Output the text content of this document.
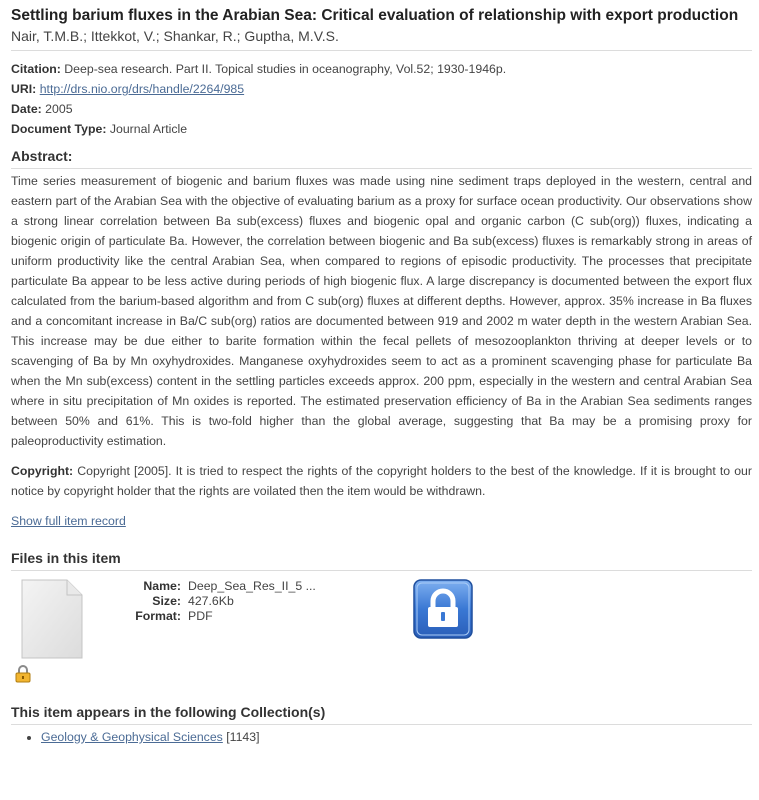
Settling barium fluxes in the Arabian Sea: Critical evaluation of relationship with export production
Nair, T.M.B.; Ittekkot, V.; Shankar, R.; Guptha, M.V.S.
Citation: Deep-sea research. Part II. Topical studies in oceanography, Vol.52; 1930-1946p.
URI: http://drs.nio.org/drs/handle/2264/985
Date: 2005
Document Type: Journal Article
Abstract:
Time series measurement of biogenic and barium fluxes was made using nine sediment traps deployed in the western, central and eastern part of the Arabian Sea with the objective of evaluating barium as a proxy for surface ocean productivity. Our observations show a strong linear correlation between Ba sub(excess) fluxes and biogenic opal and organic carbon (C sub(org)) fluxes, indicating a biogenic origin of particulate Ba. However, the correlation between biogenic and Ba sub(excess) fluxes is remarkably strong in areas of uniform productivity like the central Arabian Sea, when compared to regions of episodic productivity. The processes that precipitate particulate Ba appear to be less active during periods of high biogenic flux. A large discrepancy is documented between the export flux calculated from the barium-based algorithm and from C sub(org) fluxes at different depths. However, approx. 35% increase in Ba fluxes and a concomitant increase in Ba/C sub(org) ratios are documented between 919 and 2002 m water depth in the western Arabian Sea. This increase may be due either to barite formation within the fecal pellets of mesozooplankton thriving at deeper levels or to scavenging of Ba by Mn oxyhydroxides. Manganese oxyhydroxides seem to act as a prominent scavenging phase for particulate Ba when the Mn sub(excess) content in the settling particles exceeds approx. 200 ppm, especially in the western and central Arabian Sea where in situ precipitation of Mn oxides is reported. The estimated preservation efficiency of Ba in the Arabian Sea sediments ranges between 50% and 61%. This is two-fold higher than the global average, suggesting that Ba may be a promising proxy for paleoproductivity estimation.
Copyright: Copyright [2005]. It is tried to respect the rights of the copyright holders to the best of the knowledge. If it is brought to our notice by copyright holder that the rights are voilated then the item would be withdrawn.
Show full item record
Files in this item
Name: Deep_Sea_Res_II_5 ...
Size: 427.6Kb
Format: PDF
This item appears in the following Collection(s)
• Geology & Geophysical Sciences [1143]
